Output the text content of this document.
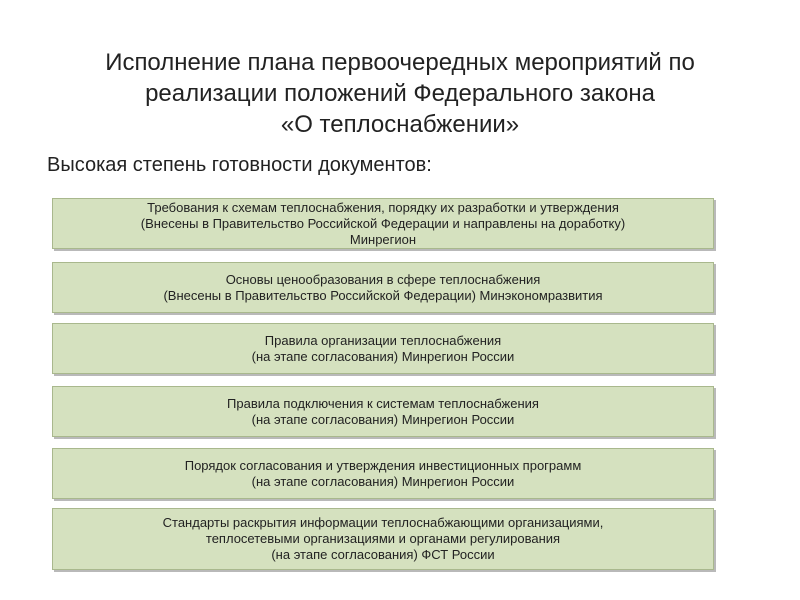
Исполнение плана первоочередных мероприятий по
реализации положений Федерального закона
«О теплоснабжении»
Высокая степень готовности документов:
Требования к схемам теплоснабжения, порядку их разработки и утверждения
(Внесены в Правительство Российской Федерации и направлены на доработку)
Минрегион
Основы ценообразования в сфере теплоснабжения
(Внесены в Правительство Российской Федерации) Минэкономразвития
Правила организации теплоснабжения
(на этапе согласования) Минрегион России
Правила подключения к системам теплоснабжения
(на этапе согласования) Минрегион России
Порядок согласования и утверждения инвестиционных программ
(на этапе согласования) Минрегион России
Стандарты раскрытия информации теплоснабжающими организациями,
теплосетевыми организациями и органами регулирования
(на этапе согласования) ФСТ России
